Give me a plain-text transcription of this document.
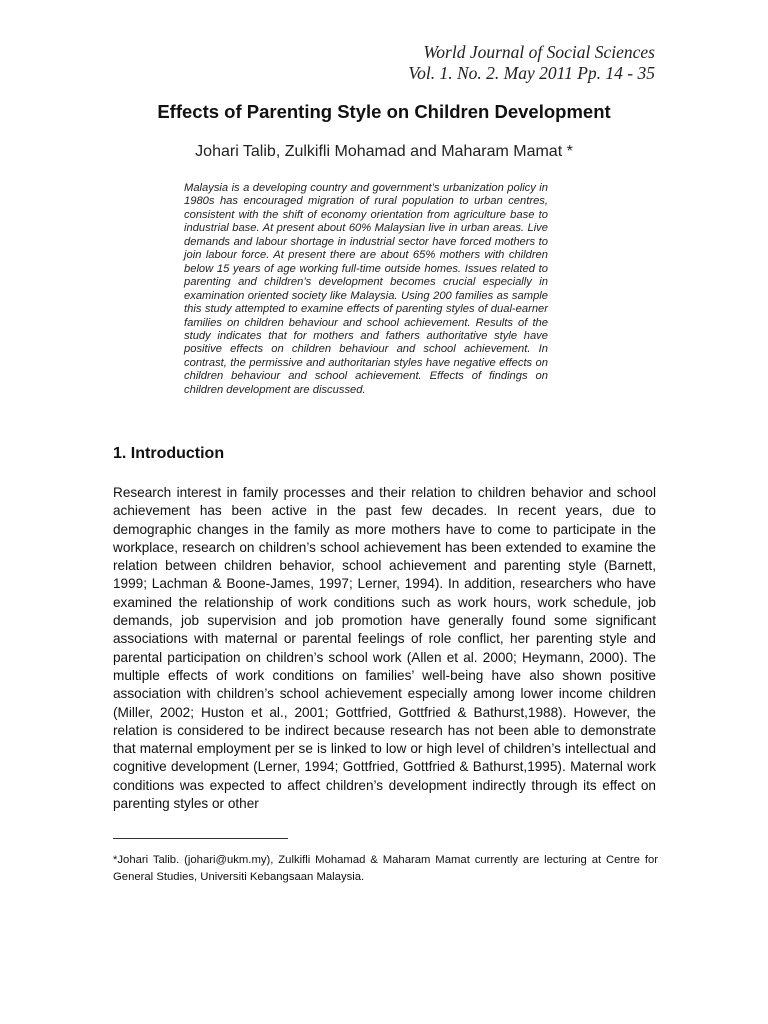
World Journal of Social Sciences
Vol. 1. No. 2. May 2011 Pp. 14 - 35
Effects of Parenting Style on Children Development
Johari Talib, Zulkifli Mohamad and Maharam Mamat *

Malaysia is a developing country and government’s urbanization policy in 1980s has encouraged migration of rural population to urban centres, consistent with the shift of economy orientation from agriculture base to industrial base. At present about 60% Malaysian live in urban areas. Live demands and labour shortage in industrial sector have forced mothers to join labour force. At present there are about 65% mothers with children below 15 years of age working full-time outside homes. Issues related to parenting and children’s development becomes crucial especially in examination oriented society like Malaysia. Using 200 families as sample this study attempted to examine effects of parenting styles of dual-earner families on children behaviour and school achievement. Results of the study indicates that for mothers and fathers authoritative style have positive effects on children behaviour and school achievement. In contrast, the permissive and authoritarian styles have negative effects on children behaviour and school achievement. Effects of findings on children development are discussed.

1. Introduction

Research interest in family processes and their relation to children behavior and school achievement has been active in the past few decades. In recent years, due to demographic changes in the family as more mothers have to come to participate in the workplace, research on children’s school achievement has been extended to examine the relation between children behavior, school achievement and parenting style (Barnett, 1999; Lachman & Boone-James, 1997; Lerner, 1994). In addition, researchers who have examined the relationship of work conditions such as work hours, work schedule, job demands, job supervision and job promotion have generally found some significant associations with maternal or parental feelings of role conflict, her parenting style and parental participation on children’s school work (Allen et al. 2000; Heymann, 2000). The multiple effects of work conditions on families’ well-being have also shown positive association with children’s school achievement especially among lower income children (Miller, 2002; Huston et al., 2001; Gottfried, Gottfried & Bathurst,1988). However, the relation is considered to be indirect because research has not been able to demonstrate that maternal employment per se is linked to low or high level of children’s intellectual and cognitive development (Lerner, 1994; Gottfried, Gottfried & Bathurst,1995). Maternal work conditions was expected to affect children’s development indirectly through its effect on parenting styles or other

*Johari Talib. (johari@ukm.my), Zulkifli Mohamad & Maharam Mamat currently are lecturing at Centre for General Studies, Universiti Kebangsaan Malaysia.
